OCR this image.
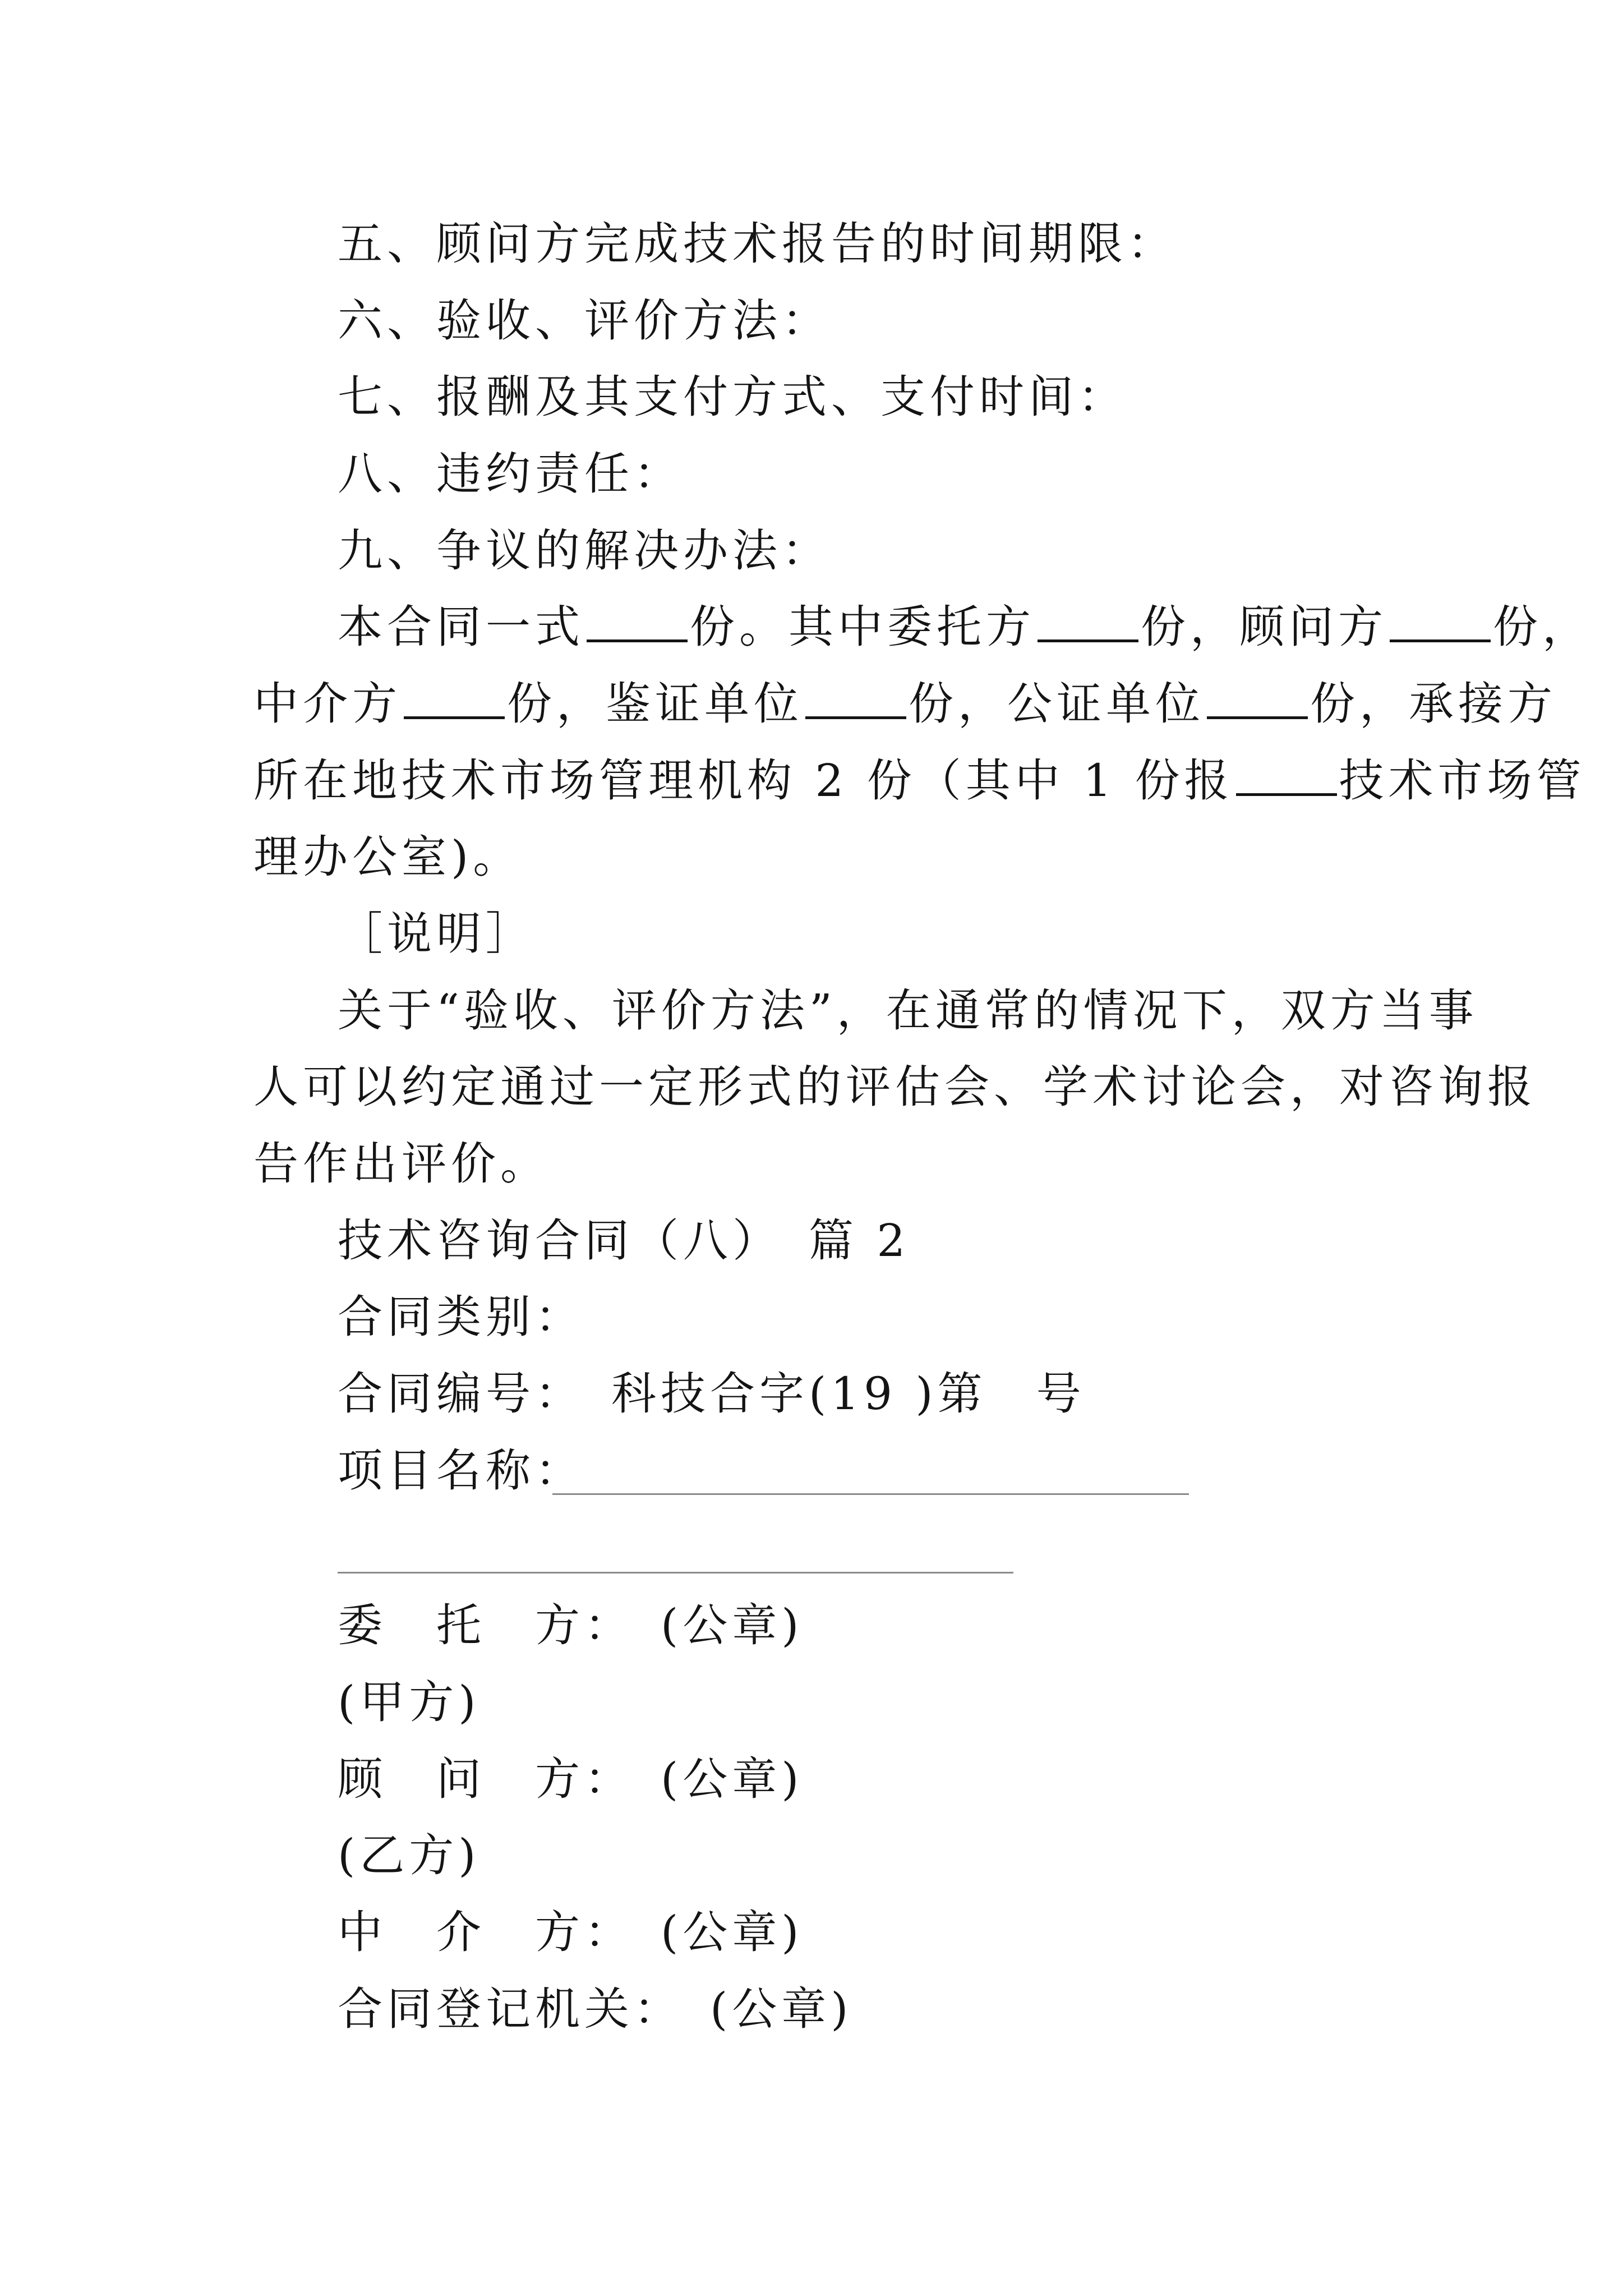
五、顾问方完成技术报告的时间期限：
六、验收、评价方法：
七、报酬及其支付方式、支付时间：
八、违约责任：
九、争议的解决办法：
本合同一式 份。其中委托方 份，顾问方 份，
中介方 份，鉴证单位 份，公证单位 份，承接方
所在地技术市场管理机构 2 份（其中 1 份报 技术市场管
理办公室)。
［说明］
关于“验收、评价方法”，在通常的情况下，双方当事
人可以约定通过一定形式的评估会、学术讨论会，对咨询报
告作出评价。
技术咨询合同（八）　篇 2
合同类别：
合同编号：　科技合字(19 )第　号
项目名称：
委　托　方：　(公章)
(甲方)
顾　问　方：　(公章)
(乙方)
中　介　方：　(公章)
合同登记机关：　(公章)
